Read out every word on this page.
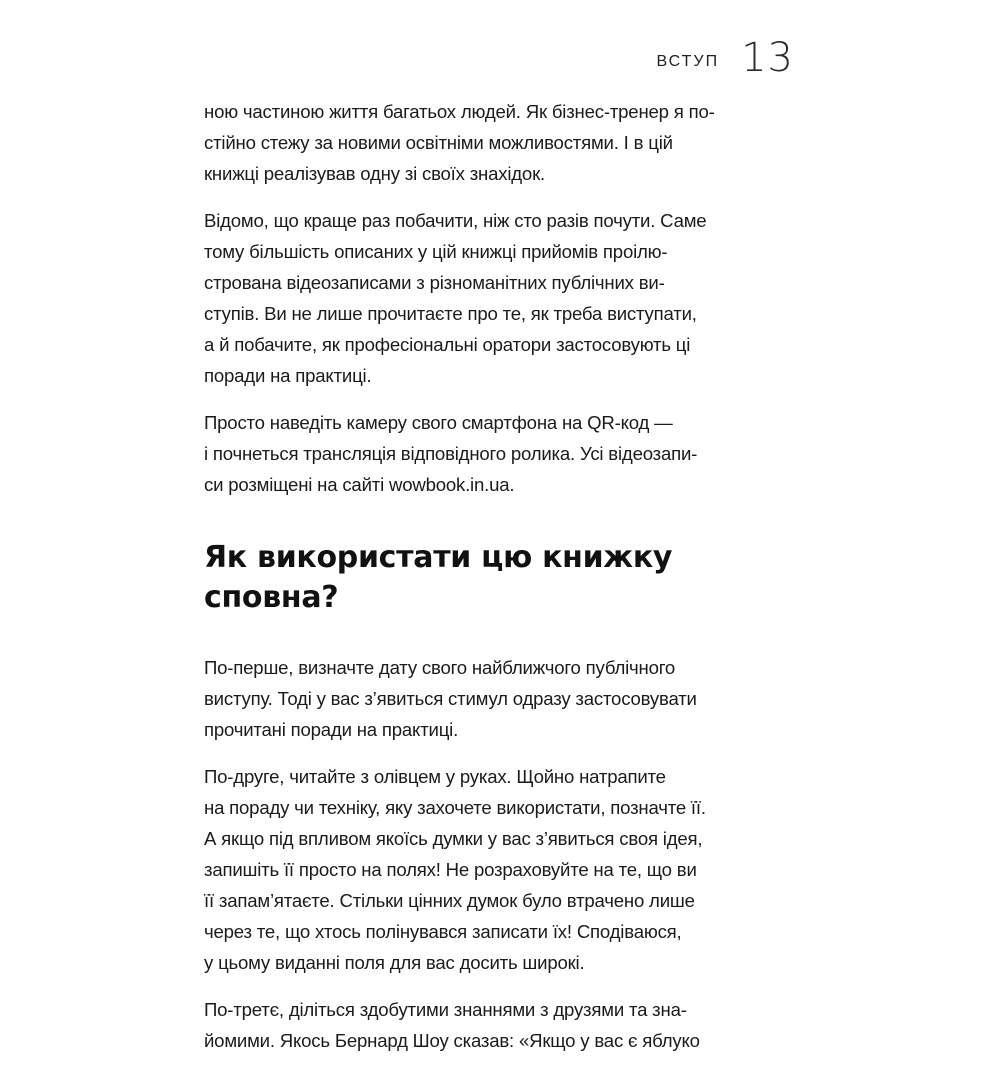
ВСТУП 13

ною частиною життя багатьох людей. Як бізнес-тренер я по-
стійно стежу за новими освітніми можливостями. І в цій
книжці реалізував одну зі своїх знахідок.

Відомо, що краще раз побачити, ніж сто разів почути. Саме
тому більшість описаних у цій книжці прийомів проілю-
строванa відеозаписами з різноманітних публічних ви-
ступів. Ви не лише прочитаєте про те, як треба виступати,
а й побачите, як професіональні оратори застосовують ці
поради на практиці.

Просто наведіть камеру свого смартфона на QR-код —
і почнеться трансляція відповідного ролика. Усі відеозапи-
си розміщені на сайті wowbook.in.ua.

Як використати цю книжку
сповна?

По-перше, визначте дату свого найближчого публічного
виступу. Тоді у вас з’явиться стимул одразу застосовувати
прочитані поради на практиці.

По-друге, читайте з олівцем у руках. Щойно натрапите
на пораду чи техніку, яку захочете використати, позначте її.
А якщо під впливом якоїсь думки у вас з’явиться своя ідея,
запишіть її просто на полях! Не розраховуйте на те, що ви
її запам’ятаєте. Стільки цінних думок було втрачено лише
через те, що хтось полінувався записати їх! Сподіваюся,
у цьому виданні поля для вас досить широкі.

По-третє, діліться здобутими знаннями з друзями та зна-
йомими. Якось Бернард Шоу сказав: «Якщо у вас є яблуко
